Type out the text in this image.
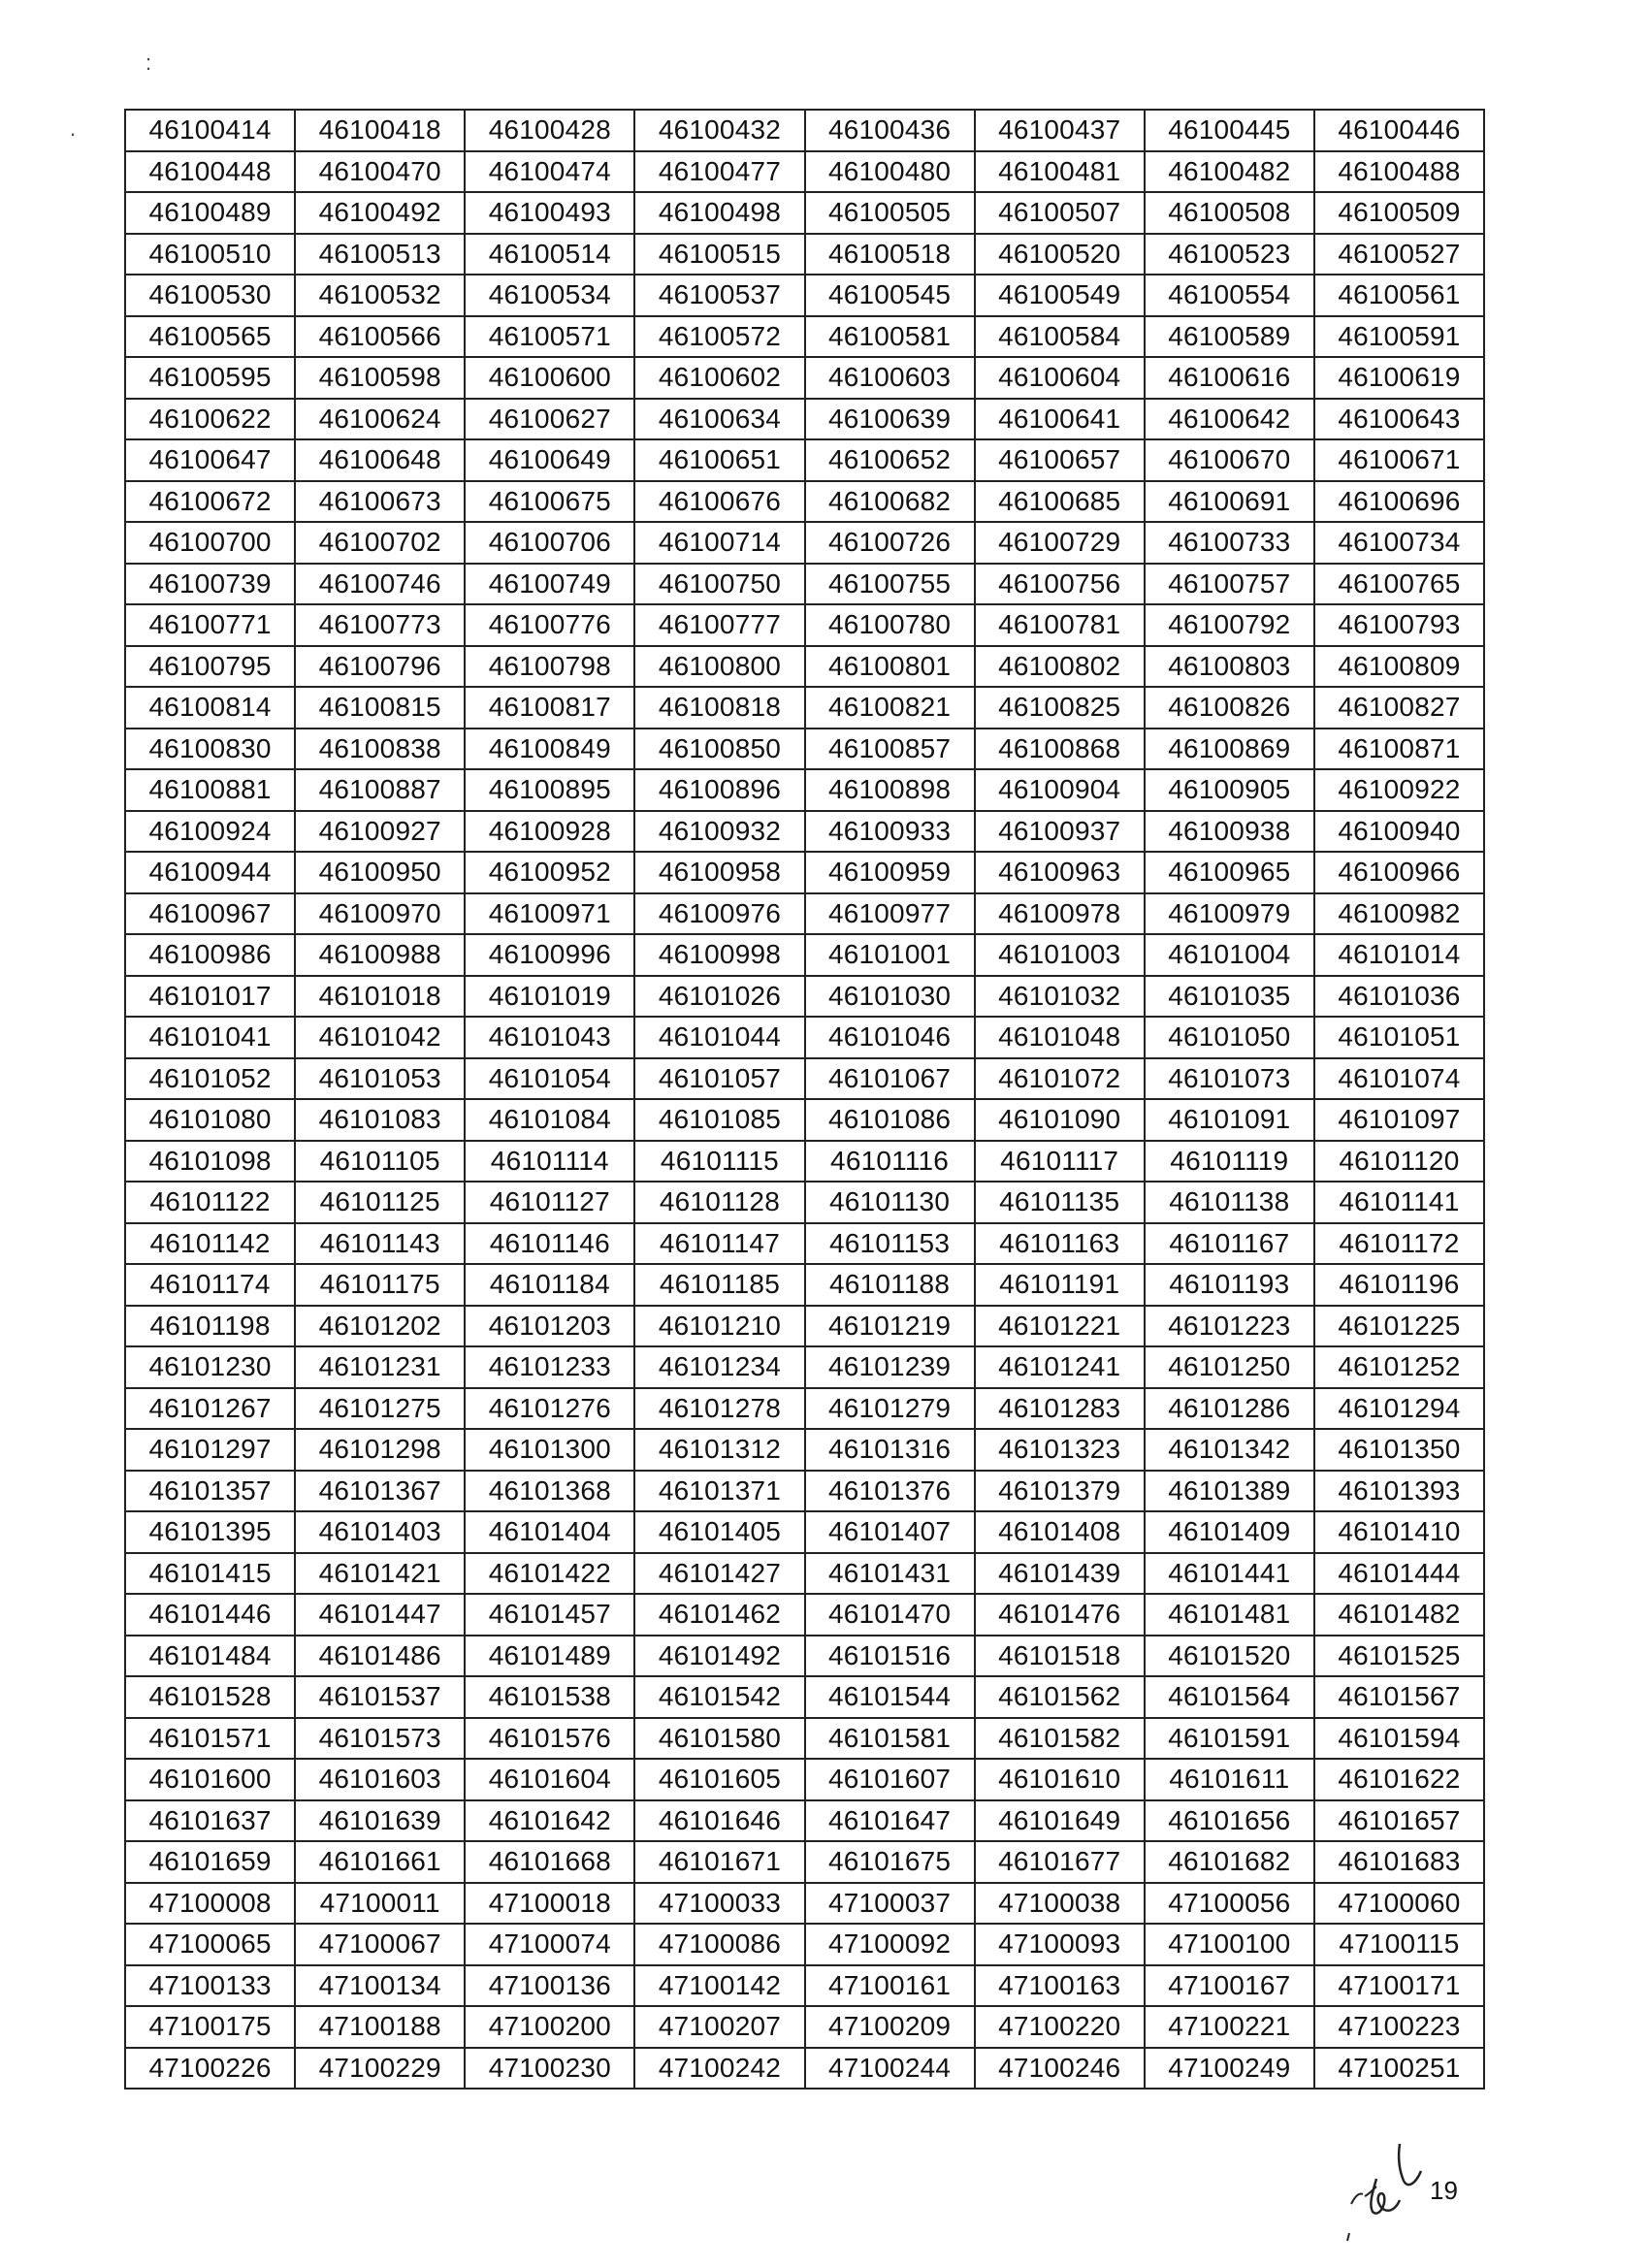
:
.	46100414	46100418	46100428	46100432	46100436	46100437	46100445	46100446
46100448	46100470	46100474	46100477	46100480	46100481	46100482	46100488
46100489	46100492	46100493	46100498	46100505	46100507	46100508	46100509
46100510	46100513	46100514	46100515	46100518	46100520	46100523	46100527
46100530	46100532	46100534	46100537	46100545	46100549	46100554	46100561
46100565	46100566	46100571	46100572	46100581	46100584	46100589	46100591
46100595	46100598	46100600	46100602	46100603	46100604	46100616	46100619
46100622	46100624	46100627	46100634	46100639	46100641	46100642	46100643
46100647	46100648	46100649	46100651	46100652	46100657	46100670	46100671
46100672	46100673	46100675	46100676	46100682	46100685	46100691	46100696
46100700	46100702	46100706	46100714	46100726	46100729	46100733	46100734
46100739	46100746	46100749	46100750	46100755	46100756	46100757	46100765
46100771	46100773	46100776	46100777	46100780	46100781	46100792	46100793
46100795	46100796	46100798	46100800	46100801	46100802	46100803	46100809
46100814	46100815	46100817	46100818	46100821	46100825	46100826	46100827
46100830	46100838	46100849	46100850	46100857	46100868	46100869	46100871
46100881	46100887	46100895	46100896	46100898	46100904	46100905	46100922
46100924	46100927	46100928	46100932	46100933	46100937	46100938	46100940
46100944	46100950	46100952	46100958	46100959	46100963	46100965	46100966
46100967	46100970	46100971	46100976	46100977	46100978	46100979	46100982
46100986	46100988	46100996	46100998	46101001	46101003	46101004	46101014
46101017	46101018	46101019	46101026	46101030	46101032	46101035	46101036
46101041	46101042	46101043	46101044	46101046	46101048	46101050	46101051
46101052	46101053	46101054	46101057	46101067	46101072	46101073	46101074
46101080	46101083	46101084	46101085	46101086	46101090	46101091	46101097
46101098	46101105	46101114	46101115	46101116	46101117	46101119	46101120
46101122	46101125	46101127	46101128	46101130	46101135	46101138	46101141
46101142	46101143	46101146	46101147	46101153	46101163	46101167	46101172
46101174	46101175	46101184	46101185	46101188	46101191	46101193	46101196
46101198	46101202	46101203	46101210	46101219	46101221	46101223	46101225
46101230	46101231	46101233	46101234	46101239	46101241	46101250	46101252
46101267	46101275	46101276	46101278	46101279	46101283	46101286	46101294
46101297	46101298	46101300	46101312	46101316	46101323	46101342	46101350
46101357	46101367	46101368	46101371	46101376	46101379	46101389	46101393
46101395	46101403	46101404	46101405	46101407	46101408	46101409	46101410
46101415	46101421	46101422	46101427	46101431	46101439	46101441	46101444
46101446	46101447	46101457	46101462	46101470	46101476	46101481	46101482
46101484	46101486	46101489	46101492	46101516	46101518	46101520	46101525
46101528	46101537	46101538	46101542	46101544	46101562	46101564	46101567
46101571	46101573	46101576	46101580	46101581	46101582	46101591	46101594
46101600	46101603	46101604	46101605	46101607	46101610	46101611	46101622
46101637	46101639	46101642	46101646	46101647	46101649	46101656	46101657
46101659	46101661	46101668	46101671	46101675	46101677	46101682	46101683
47100008	47100011	47100018	47100033	47100037	47100038	47100056	47100060
47100065	47100067	47100074	47100086	47100092	47100093	47100100	47100115
47100133	47100134	47100136	47100142	47100161	47100163	47100167	47100171
47100175	47100188	47100200	47100207	47100209	47100220	47100221	47100223
47100226	47100229	47100230	47100242	47100244	47100246	47100249	47100251
19
